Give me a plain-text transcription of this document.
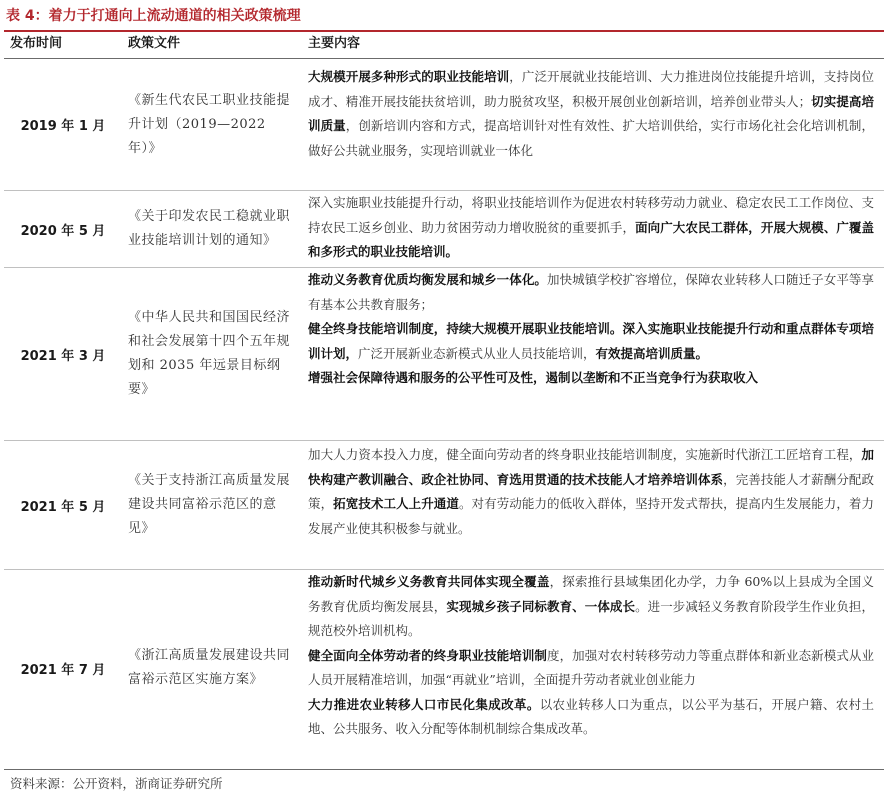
表 4：着力于打通向上流动通道的相关政策梳理
发布时间	政策文件	主要内容
2019 年 1 月
《新生代农民工职业技能提升计划（2019—2022 年）》

大规模开展多种形式的职业技能培训，广泛开展就业技能培训、大力推进岗位技能提升培训，支持岗位成才、精准开展技能扶贫培训，助力脱贫攻坚，积极开展创业创新培训，培养创业带头人；切实提高培训质量，创新培训内容和方式，提高培训针对性有效性、扩大培训供给，实行市场化社会化培训机制，做好公共就业服务，实现培训就业一体化

2020 年 5 月
《关于印发农民工稳就业职业技能培训计划的通知》

深入实施职业技能提升行动，将职业技能培训作为促进农村转移劳动力就业、稳定农民工工作岗位、支持农民工返乡创业、助力贫困劳动力增收脱贫的重要抓手，面向广大农民工群体，开展大规模、广覆盖和多形式的职业技能培训。

2021 年 3 月
《中华人民共和国国民经济和社会发展第十四个五年规划和 2035 年远景目标纲要》

推动义务教育优质均衡发展和城乡一体化。加快城镇学校扩容增位，保障农业转移人口随迁子女平等享有基本公共教育服务；

健全终身技能培训制度，持续大规模开展职业技能培训。深入实施职业技能提升行动和重点群体专项培训计划，广泛开展新业态新模式从业人员技能培训，有效提高培训质量。

增强社会保障待遇和服务的公平性可及性，遏制以垄断和不正当竞争行为获取收入

2021 年 5 月
《关于支持浙江高质量发展建设共同富裕示范区的意见》

加大人力资本投入力度，健全面向劳动者的终身职业技能培训制度，实施新时代浙江工匠培育工程，加快构建产教训融合、政企社协同、育选用贯通的技术技能人才培养培训体系，完善技能人才薪酬分配政策，拓宽技术工人上升通道。对有劳动能力的低收入群体，坚持开发式帮扶，提高内生发展能力，着力发展产业使其积极参与就业。

2021 年 7 月
《浙江高质量发展建设共同富裕示范区实施方案》

推动新时代城乡义务教育共同体实现全覆盖，探索推行县域集团化办学，力争 60%以上县成为全国义务教育优质均衡发展县，实现城乡孩子同标教育、一体成长。进一步减轻义务教育阶段学生作业负担，规范校外培训机构。

健全面向全体劳动者的终身职业技能培训制度，加强对农村转移劳动力等重点群体和新业态新模式从业人员开展精准培训，加强“再就业”培训，全面提升劳动者就业创业能力

大力推进农业转移人口市民化集成改革。以农业转移人口为重点，以公平为基石，开展户籍、农村土地、公共服务、收入分配等体制机制综合集成改革。

资料来源：公开资料，浙商证券研究所
